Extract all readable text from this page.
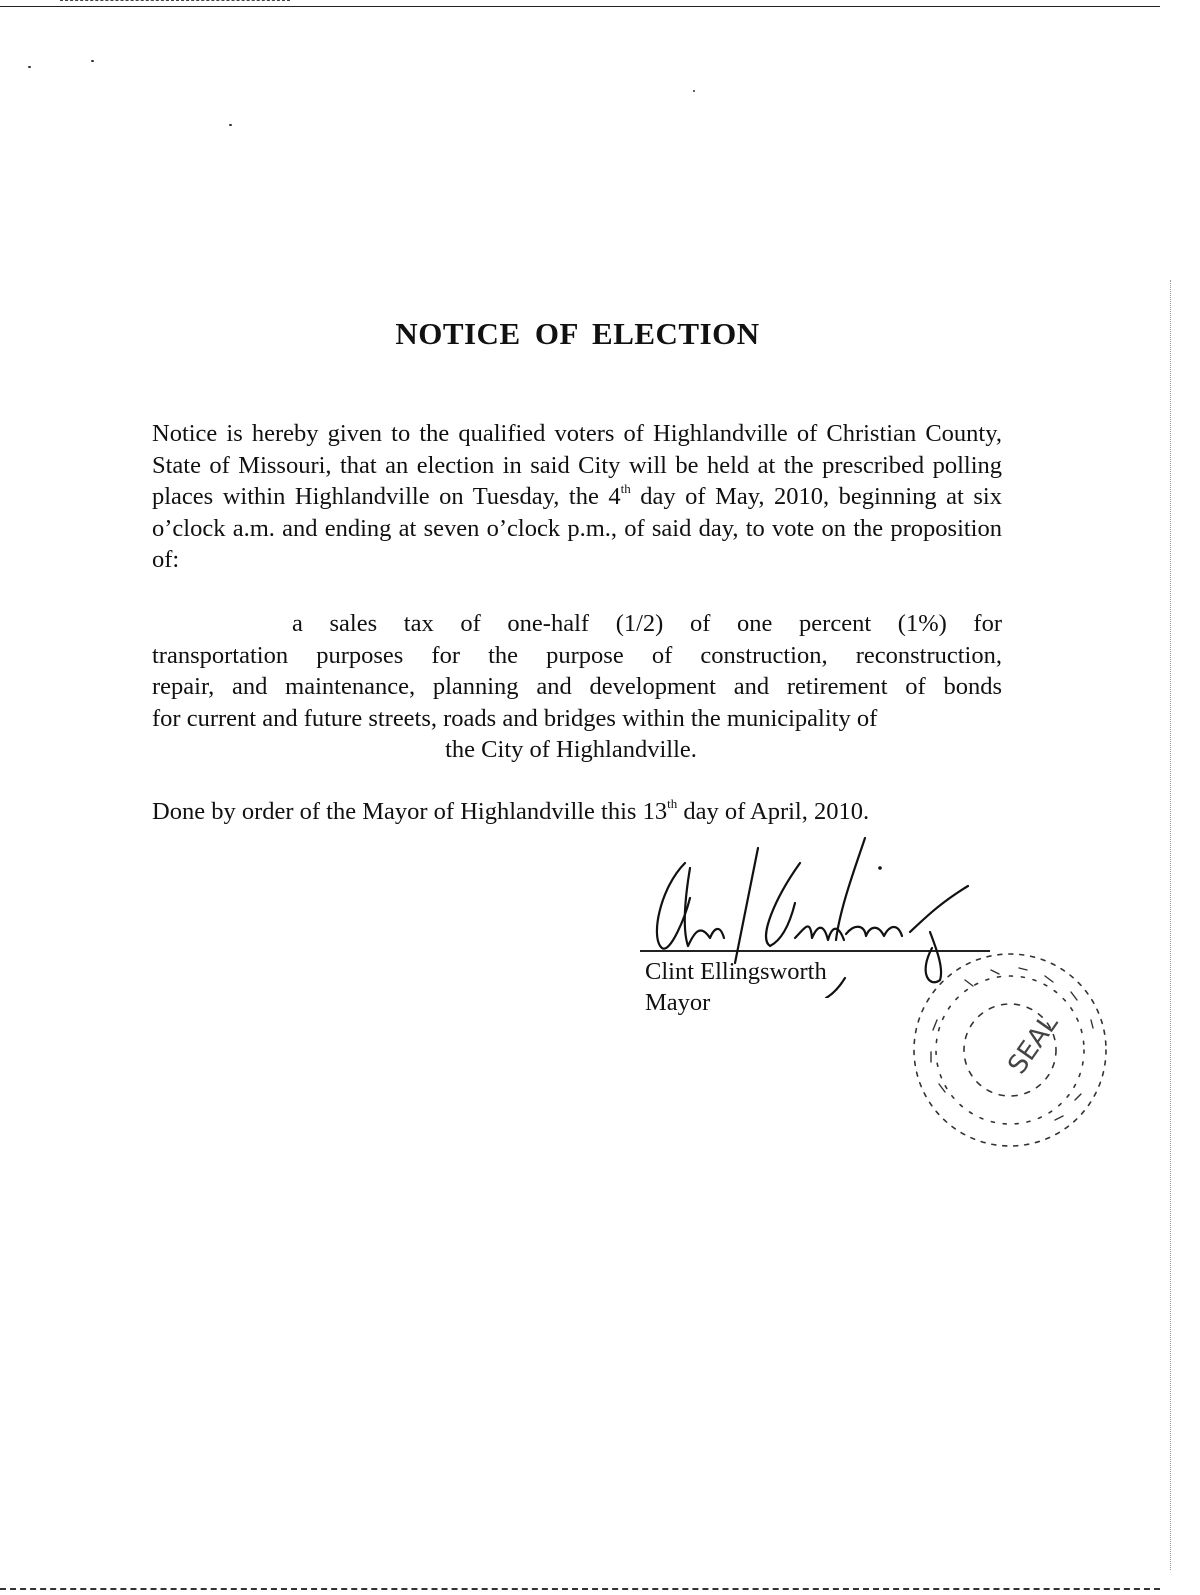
NOTICE OF ELECTION

Notice is hereby given to the qualified voters of Highlandville of Christian County, State of Missouri, that an election in said City will be held at the prescribed polling places within Highlandville on Tuesday, the 4th day of May, 2010, beginning at six o’clock a.m. and ending at seven o’clock p.m., of said day, to vote on the proposition of:

a sales tax of one-half (1/2) of one percent (1%) for
transportation purposes for the purpose of construction, reconstruction,
repair, and maintenance, planning and development and retirement of bonds
for current and future streets, roads and bridges within the municipality of
the City of Highlandville.
Done by order of the Mayor of Highlandville this 13th day of April, 2010.
Clint Ellingsworth
Mayor
SEAL
